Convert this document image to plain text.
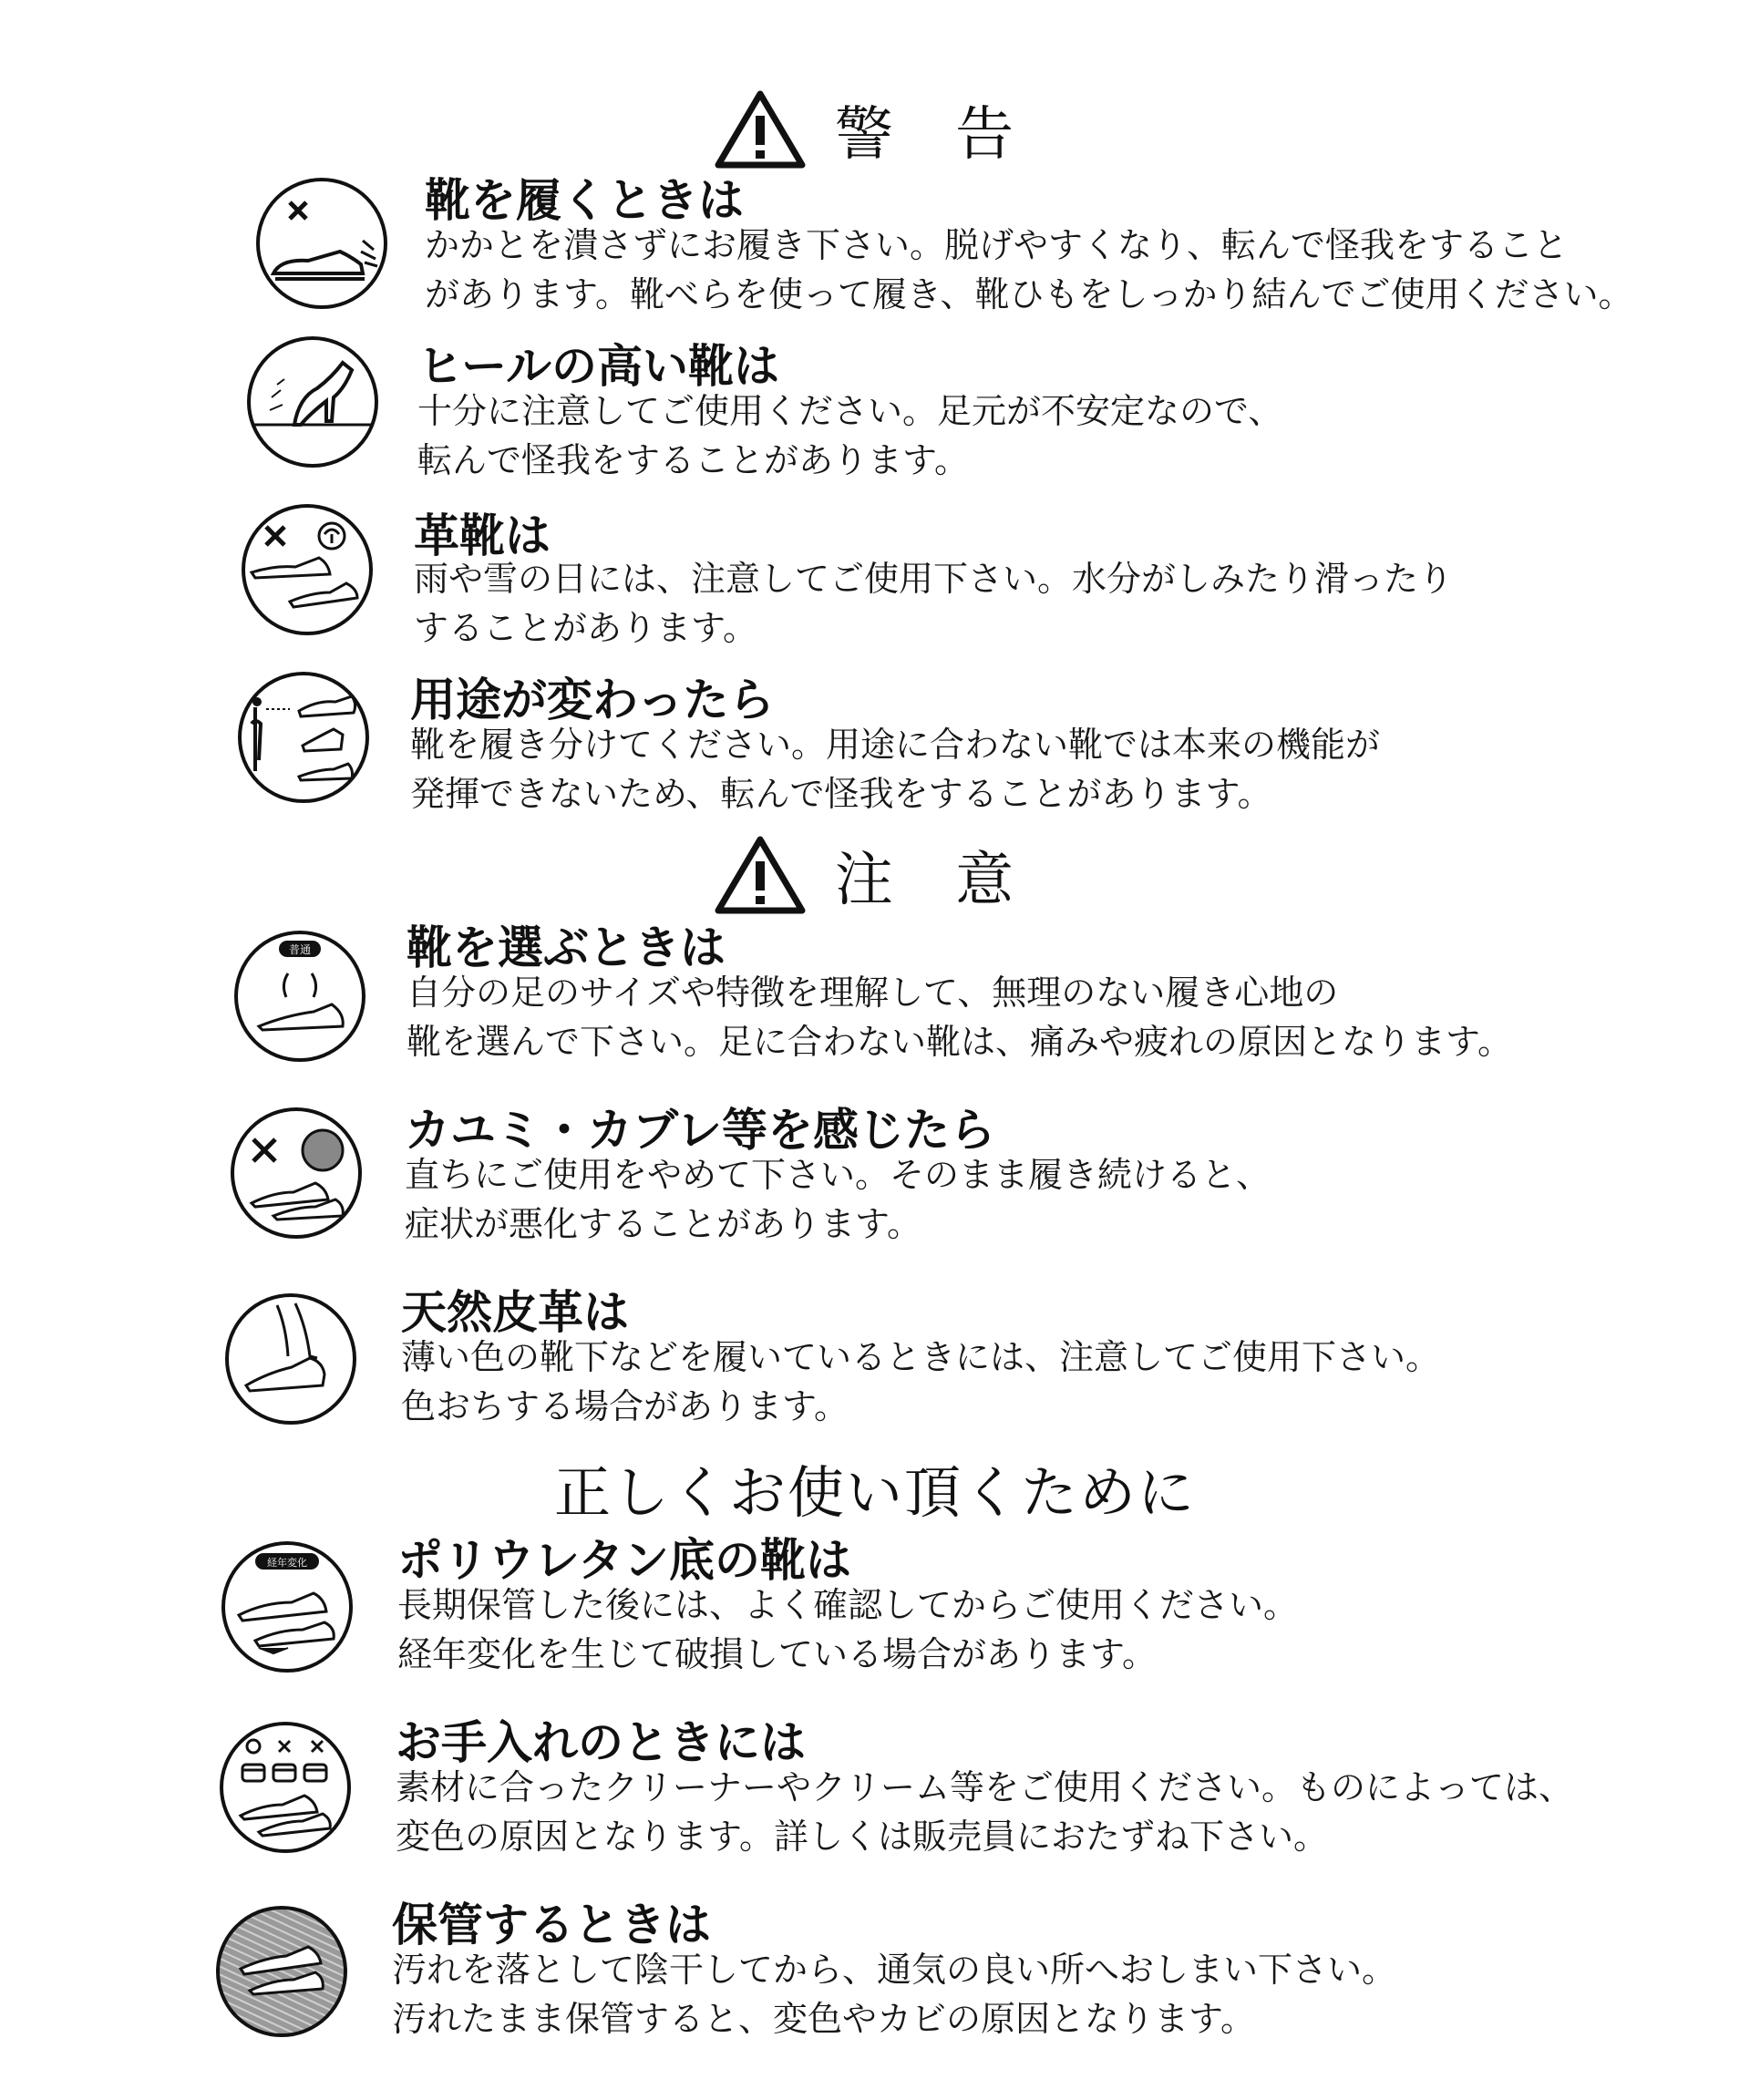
警 告
靴を履くときは
かかとを潰さずにお履き下さい。脱げやすくなり、転んで怪我をすること
があります。靴べらを使って履き、靴ひもをしっかり結んでご使用ください。
ヒールの高い靴は
十分に注意してご使用ください。足元が不安定なので、
転んで怪我をすることがあります。
革靴は
雨や雪の日には、注意してご使用下さい。水分がしみたり滑ったり
することがあります。
用途が変わったら
靴を履き分けてください。用途に合わない靴では本来の機能が
発揮できないため、転んで怪我をすることがあります。
注 意
普通 靴を選ぶときは
自分の足のサイズや特徴を理解して、無理のない履き心地の
靴を選んで下さい。足に合わない靴は、痛みや疲れの原因となります。
カユミ・カブレ等を感じたら
直ちにご使用をやめて下さい。そのまま履き続けると、
症状が悪化することがあります。
天然皮革は
薄い色の靴下などを履いているときには、注意してご使用下さい。
色おちする場合があります。
正しくお使い頂くために
経年変化 ポリウレタン底の靴は
長期保管した後には、よく確認してからご使用ください。
経年変化を生じて破損している場合があります。
お手入れのときには
素材に合ったクリーナーやクリーム等をご使用ください。ものによっては、
変色の原因となります。詳しくは販売員におたずね下さい。
保管するときは
汚れを落として陰干してから、通気の良い所へおしまい下さい。
汚れたまま保管すると、変色やカビの原因となります。
